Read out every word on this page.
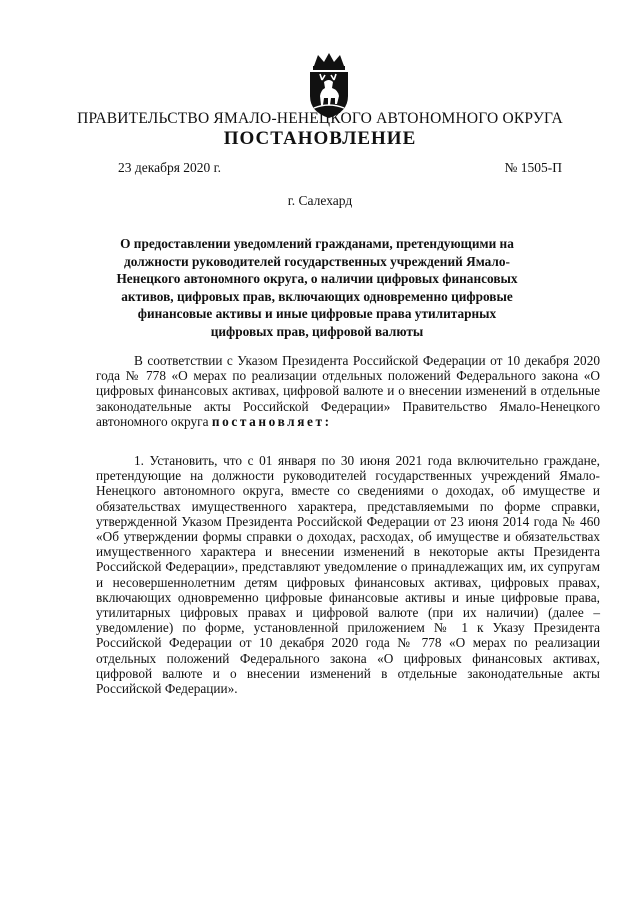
ПРАВИТЕЛЬСТВО ЯМАЛО-НЕНЕЦКОГО АВТОНОМНОГО ОКРУГА
ПОСТАНОВЛЕНИЕ
23 декабря 2020 г.	№ 1505-П
г. Салехард
О предоставлении уведомлений гражданами, претендующими на должности руководителей государственных учреждений Ямало-Ненецкого автономного округа, о наличии цифровых финансовых активов, цифровых прав, включающих одновременно цифровые финансовые активы и иные цифровые права утилитарных цифровых прав, цифровой валюты

В соответствии с Указом Президента Российской Федерации от 10 декабря 2020 года № 778 «О мерах по реализации отдельных положений Федерального закона «О цифровых финансовых активах, цифровой валюте и о внесении изменений в отдельные законодательные акты Российской Федерации» Правительство Ямало-Ненецкого автономного округа постановляет:

1. Установить, что с 01 января по 30 июня 2021 года включительно граждане, претендующие на должности руководителей государственных учреждений Ямало-Ненецкого автономного округа, вместе со сведениями о доходах, об имуществе и обязательствах имущественного характера, представляемыми по форме справки, утвержденной Указом Президента Российской Федерации от 23 июня 2014 года № 460 «Об утверждении формы справки о доходах, расходах, об имуществе и обязательствах имущественного характера и внесении изменений в некоторые акты Президента Российской Федерации», представляют уведомление о принадлежащих им, их супругам и несовершеннолетним детям цифровых финансовых активах, цифровых правах, включающих одновременно цифровые финансовые активы и иные цифровые права, утилитарных цифровых правах и цифровой валюте (при их наличии) (далее – уведомление) по форме, установленной приложением № 1 к Указу Президента Российской Федерации от 10 декабря 2020 года № 778 «О мерах по реализации отдельных положений Федерального закона «О цифровых финансовых активах, цифровой валюте и о внесении изменений в отдельные законодательные акты Российской Федерации».
